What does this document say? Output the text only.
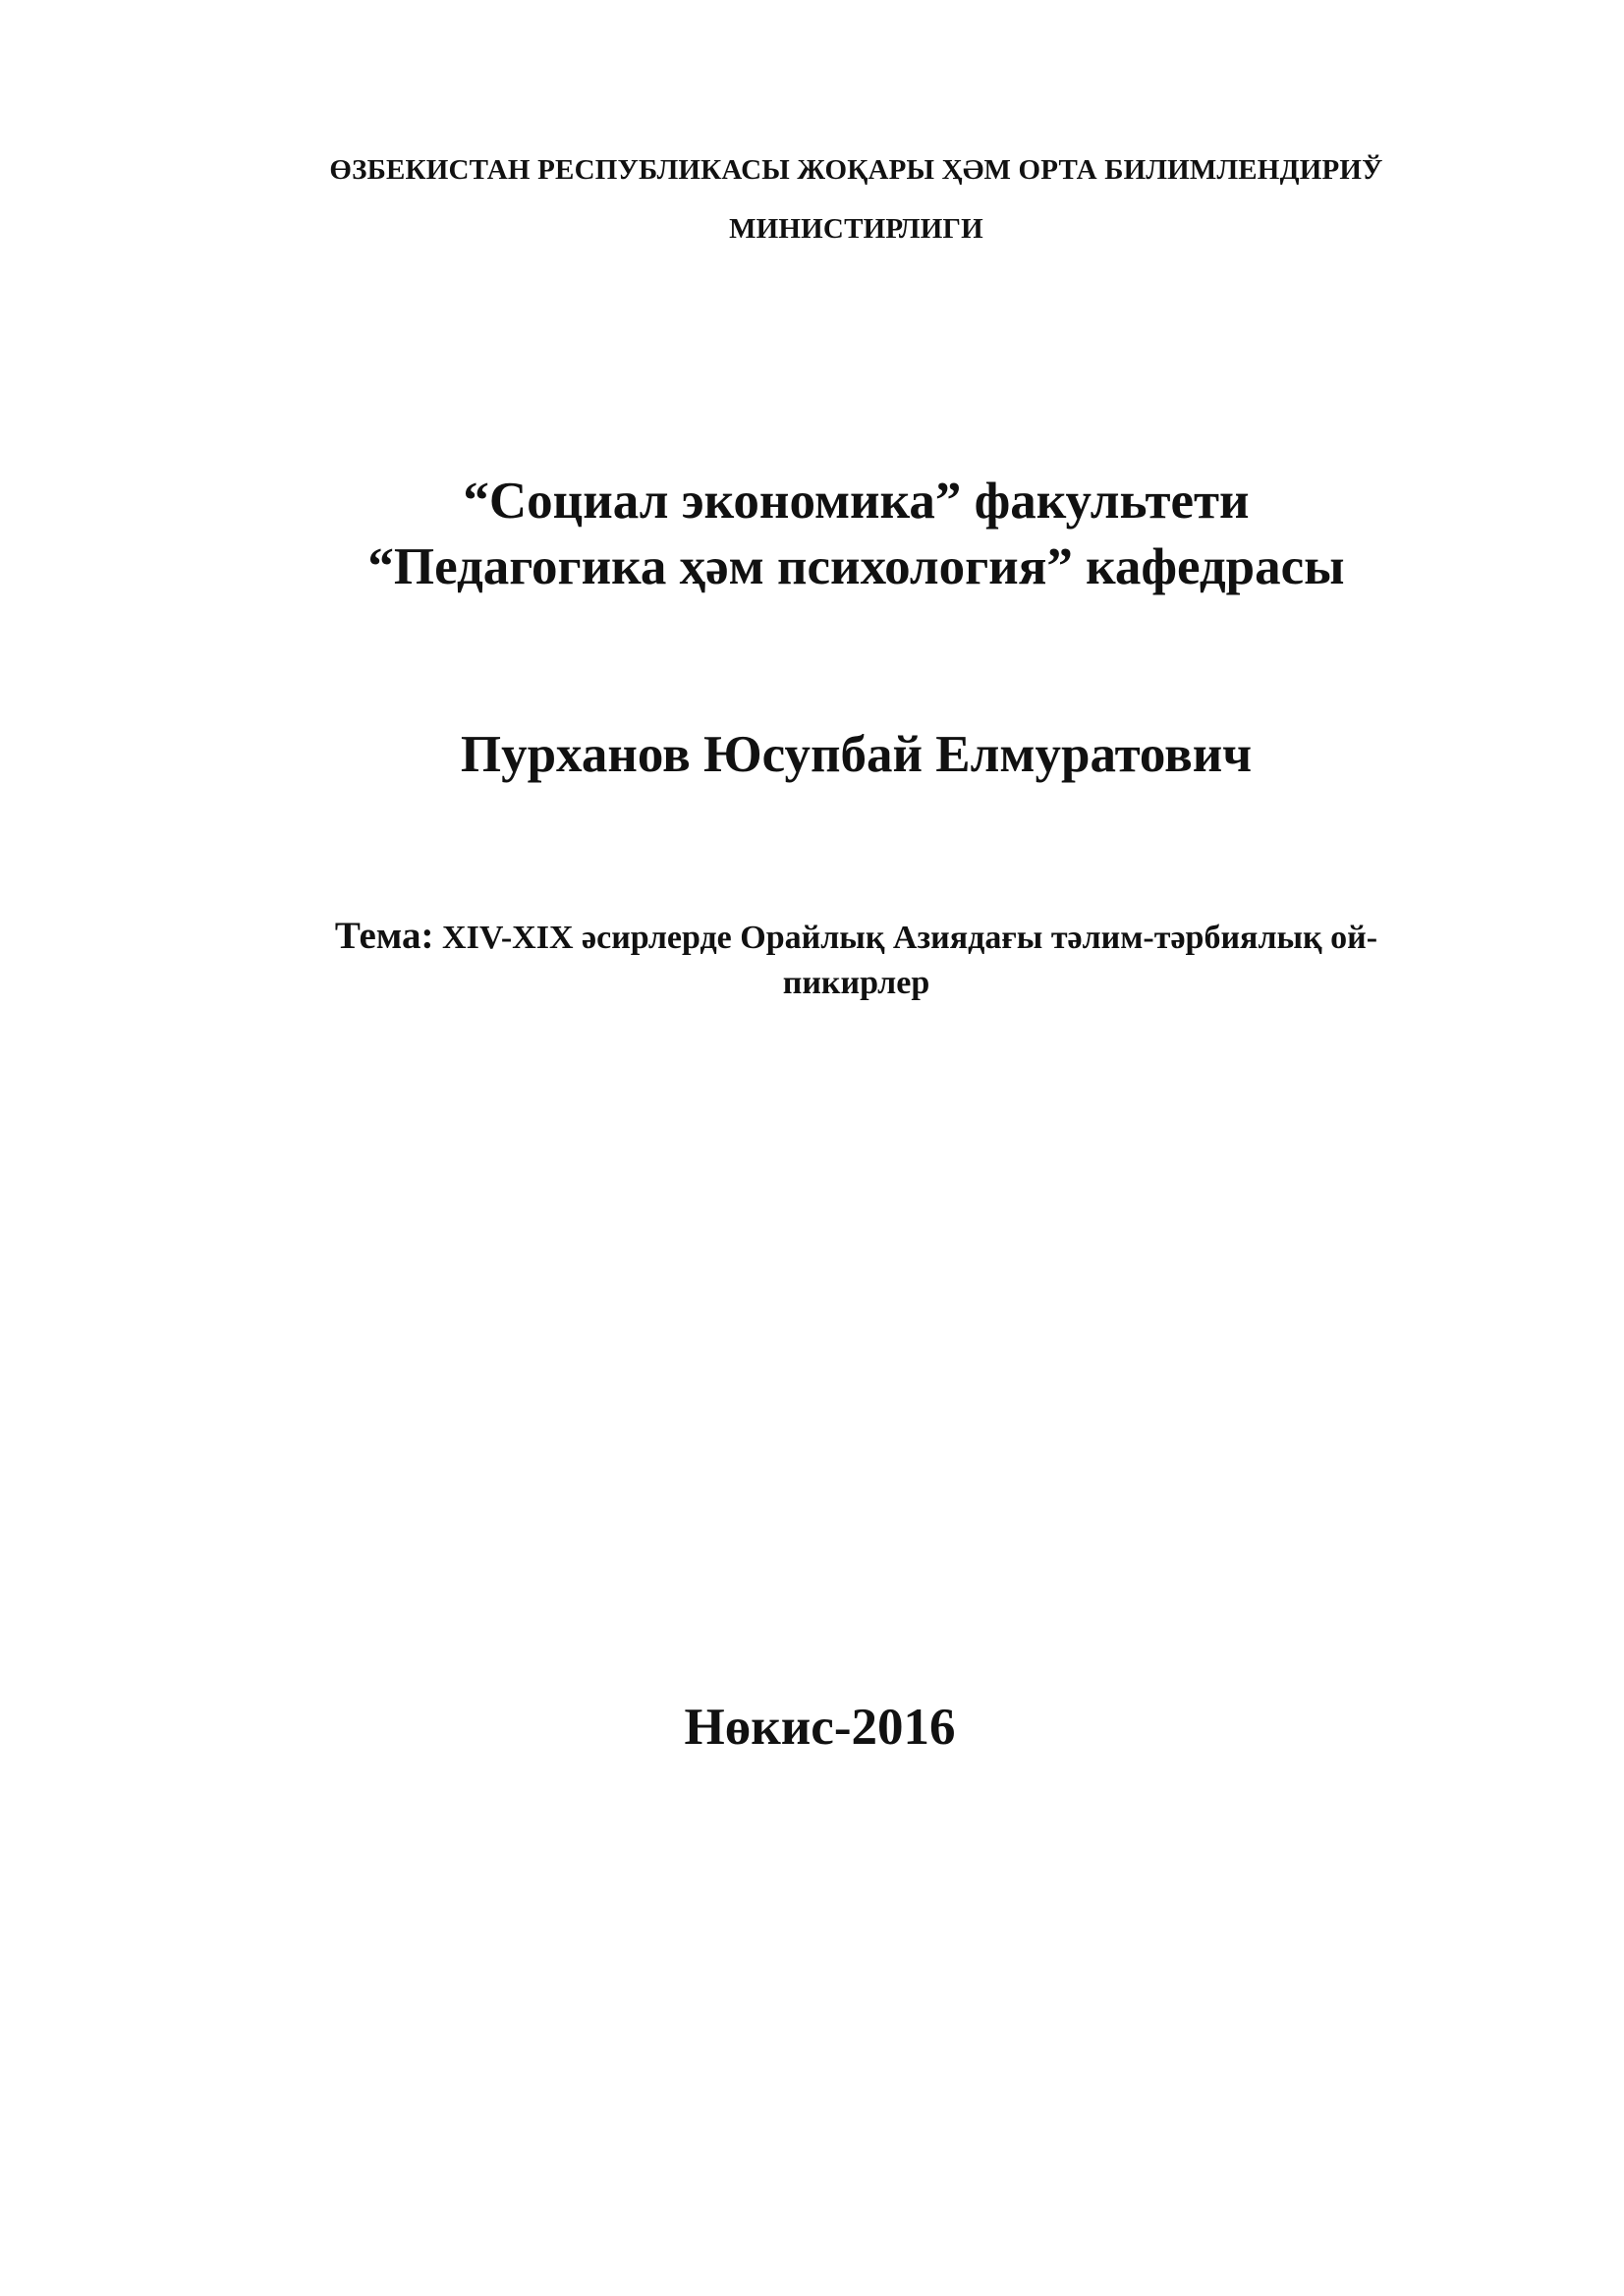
ӨЗБЕКИСТАН РЕСПУБЛИКАСЫ ЖОҚАРЫ ҲӘМ ОРТА БИЛИМЛЕНДИРИЎ

МИНИСТИРЛИГИ

“Социал экономика” факультети

“Педагогика ҳәм психология” кафедрасы

Пурханов Юсупбай Елмуратович

Тема: XIV-XIX әсирлерде Орайлық Азиядағы тәлим-тәрбиялық ой-

пикирлер

Нөкис-2016
